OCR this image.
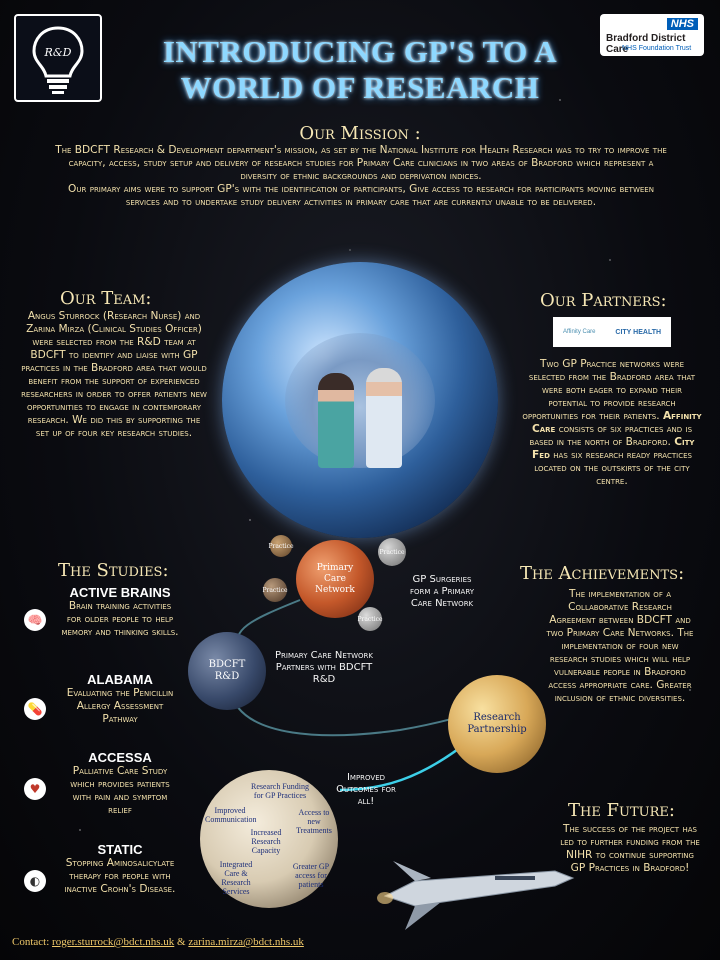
R&D
NHS
Bradford District Care
NHS Foundation Trust
INTRODUCING GP'S TO A WORLD OF RESEARCH
Our Mission :
The BDCFT Research & Development department's mission, as set by the National Institute for Health Research was to try to improve the capacity, access, study setup and delivery of research studies for Primary Care clinicians in two areas of Bradford which represent a diversity of ethnic backgrounds and deprivation indices.
Our primary aims were to support GP's with the identification of participants, Give access to research for participants moving between services and to undertake study delivery activities in primary care that are currently unable to be delivered.
Our Team:
Angus Sturrock (Research Nurse) and Zarina Mirza (Clinical Studies Officer) were selected from the R&D team at BDCFT to identify and liaise with GP practices in the Bradford area that would benefit from the support of experienced researchers in order to offer patients new opportunities to engage in contemporary research. We did this by supporting the set up of four key research studies.
Our Partners:
Affinity Care	CITY HEALTH
Two GP Practice networks were selected from the Bradford area that were both eager to expand their potential to provide research opportunities for their patients. Affinity Care consists of six practices and is based in the north of Bradford. City Fed has six research ready practices located on the outskirts of the city centre.
The Studies:
🧠
ACTIVE BRAINS
Brain training activities for older people to help memory and thinking skills.
💊
ALABAMA
Evaluating the Penicillin Allergy Assessment Pathway
♥
ACCESSA
Palliative Care Study which provides patients with pain and symptom relief
◐
STATIC
Stopping Aminosalicylate therapy for people with inactive Crohn's Disease.
Practice
Practice
Practice
Practice
Primary Care Network
GP Surgeries form a Primary Care Network
BDCFT R&D
Primary Care Network Partners with BDCFT R&D
Research Partnership
Improved Outcomes for all!
Research Funding for GP Practices
Improved Communication
Access to new Treatments
Increased Research Capacity
Integrated Care & Research Services
Greater GP access for patients
The Achievements:
The implementation of a Collaborative Research Agreement between BDCFT and two Primary Care Networks. The implementation of four new research studies which will help vulnerable people in Bradford access appropriate care. Greater inclusion of ethnic diversities.
The Future:
The success of the project has led to further funding from the NIHR to continue supporting GP Practices in Bradford!
Contact: roger.sturrock@bdct.nhs.uk & zarina.mirza@bdct.nhs.uk
